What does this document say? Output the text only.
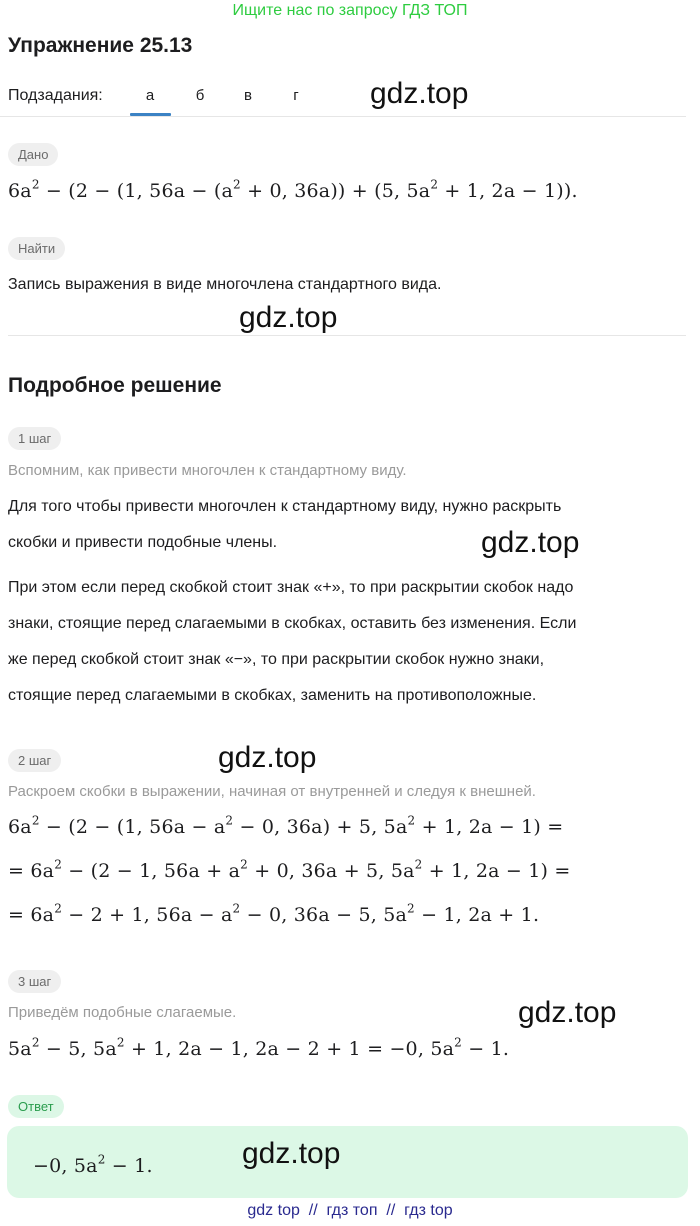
Ищите нас по запросу ГДЗ ТОП
Упражнение 25.13
Подзадания:	а	б	в	г	gdz.top
Дано
$6a^2 - (2 - (1$, $56a - (a^2 + 0$, 36a)) + (5, $5a^2 + 1$, 2a − 1)).
Найти
Запись выражения в виде многочлена стандартного вида.
gdz.top
Подробное решение
1 шаг
Вспомним, как привести многочлен к стандартному виду.
Для того чтобы привести многочлен к стандартному виду, нужно раскрыть
скобки и привести подобные члены.	gdz.top
При этом если перед скобкой стоит знак «+», то при раскрытии скобок надо
знаки, стоящие перед слагаемыми в скобках, оставить без изменения. Если
же перед скобкой стоит знак «−», то при раскрытии скобок нужно знаки,
стоящие перед слагаемыми в скобках, заменить на противоположные.
2 шаг	gdz.top
Раскроем скобки в выражении, начиная от внутренней и следуя к внешней.
$6a^2 - (2 - (1$, $56a - a^2 - 0$, 36a) + 5, $5a^2 + 1$, 2a − 1) =
= $6a^2 - (2 - 1$, $56a + a^2 + 0$, 36a + 5, $5a^2 + 1$, 2a − 1) =
= $6a^2 - 2 + 1$, $56a - a^2 - 0$, 36a − 5, $5a^2 - 1$, 2a + 1.
3 шаг
gdz.top
Приведём подобные слагаемые.
$5a^2 - 5$, $5a^2 + 1$, 2a − 1, 2a − 2 + 1 = −0, $5a^2 - 1$.
Ответ
−0, $5a^2 - 1$.	gdz.top
gdz top  //  гдз топ  //  гдз top
